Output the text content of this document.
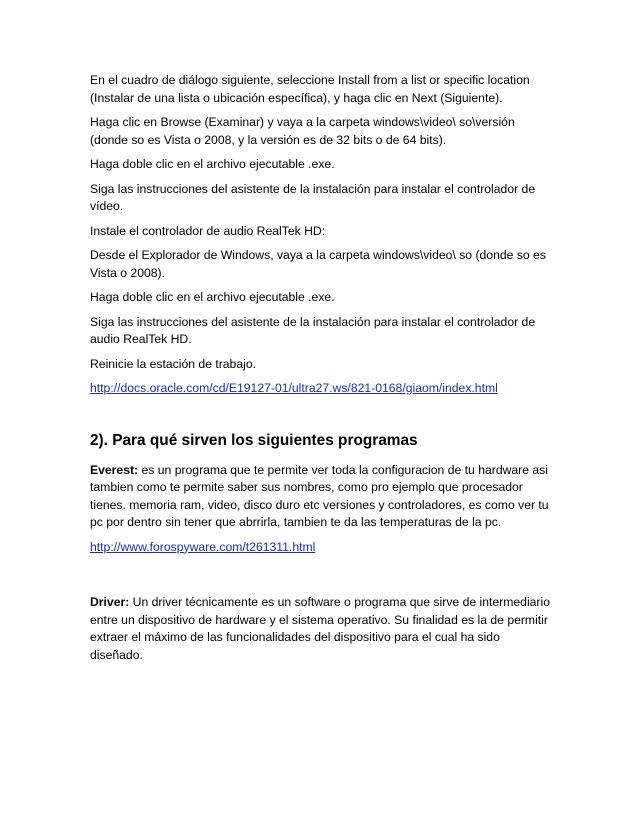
En el cuadro de diálogo siguiente, seleccione Install from a list or specific location (Instalar de una lista o ubicación específica), y haga clic en Next (Siguiente).

Haga clic en Browse (Examinar) y vaya a la carpeta windows\video\ so\versión (donde so es Vista o 2008, y la versión es de 32 bits o de 64 bits).

Haga doble clic en el archivo ejecutable .exe.

Siga las instrucciones del asistente de la instalación para instalar el controlador de vídeo.

Instale el controlador de audio RealTek HD:

Desde el Explorador de Windows, vaya a la carpeta windows\video\ so (donde so es Vista o 2008).

Haga doble clic en el archivo ejecutable .exe.

Siga las instrucciones del asistente de la instalación para instalar el controlador de audio RealTek HD.

Reinicie la estación de trabajo.

http://docs.oracle.com/cd/E19127-01/ultra27.ws/821-0168/giaom/index.html

2). Para qué sirven los siguientes programas

Everest: es un programa que te permite ver toda la configuracion de tu hardware asi tambien como te permite saber sus nombres, como pro ejemplo que procesador tienes. memoria ram, video, disco duro etc versiones y controladores, es como ver tu pc por dentro sin tener que abrrirla, tambien te da las temperaturas de la pc.

http://www.forospyware.com/t261311.html

Driver: Un driver técnicamente es un software o programa que sirve de intermediario entre un dispositivo de hardware y el sistema operativo. Su finalidad es la de permitir extraer el máximo de las funcionalidades del dispositivo para el cual ha sido diseñado.
